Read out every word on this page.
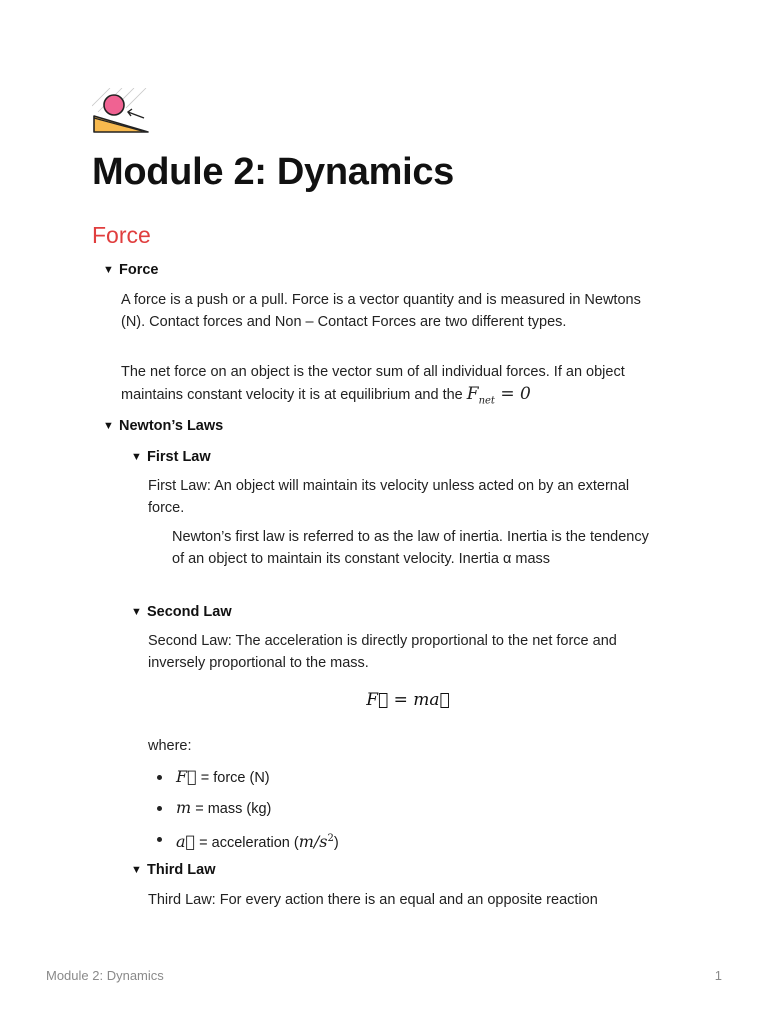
Module 2: Dynamics
Force
▼ Force

A force is a push or a pull. Force is a vector quantity and is measured in Newtons (N). Contact forces and Non – Contact Forces are two different types.

The net force on an object is the vector sum of all individual forces. If an object maintains constant velocity it is at equilibrium and the $F_{net} = 0$

▼ Newton’s Laws
▼ First Law

First Law: An object will maintain its velocity unless acted on by an external force.

Newton’s first law is referred to as the law of inertia. Inertia is the tendency of an object to maintain its constant velocity. Inertia α mass

▼ Second Law

Second Law: The acceleration is directly proportional to the net force and inversely proportional to the mass.

F⃗ = ma⃗

where:

F⃗ = force (N)
m = mass (kg)
a⃗ = acceleration $(m/s^2)$
▼ Third Law

Third Law: For every action there is an equal and an opposite reaction

Module 2: Dynamics	1
